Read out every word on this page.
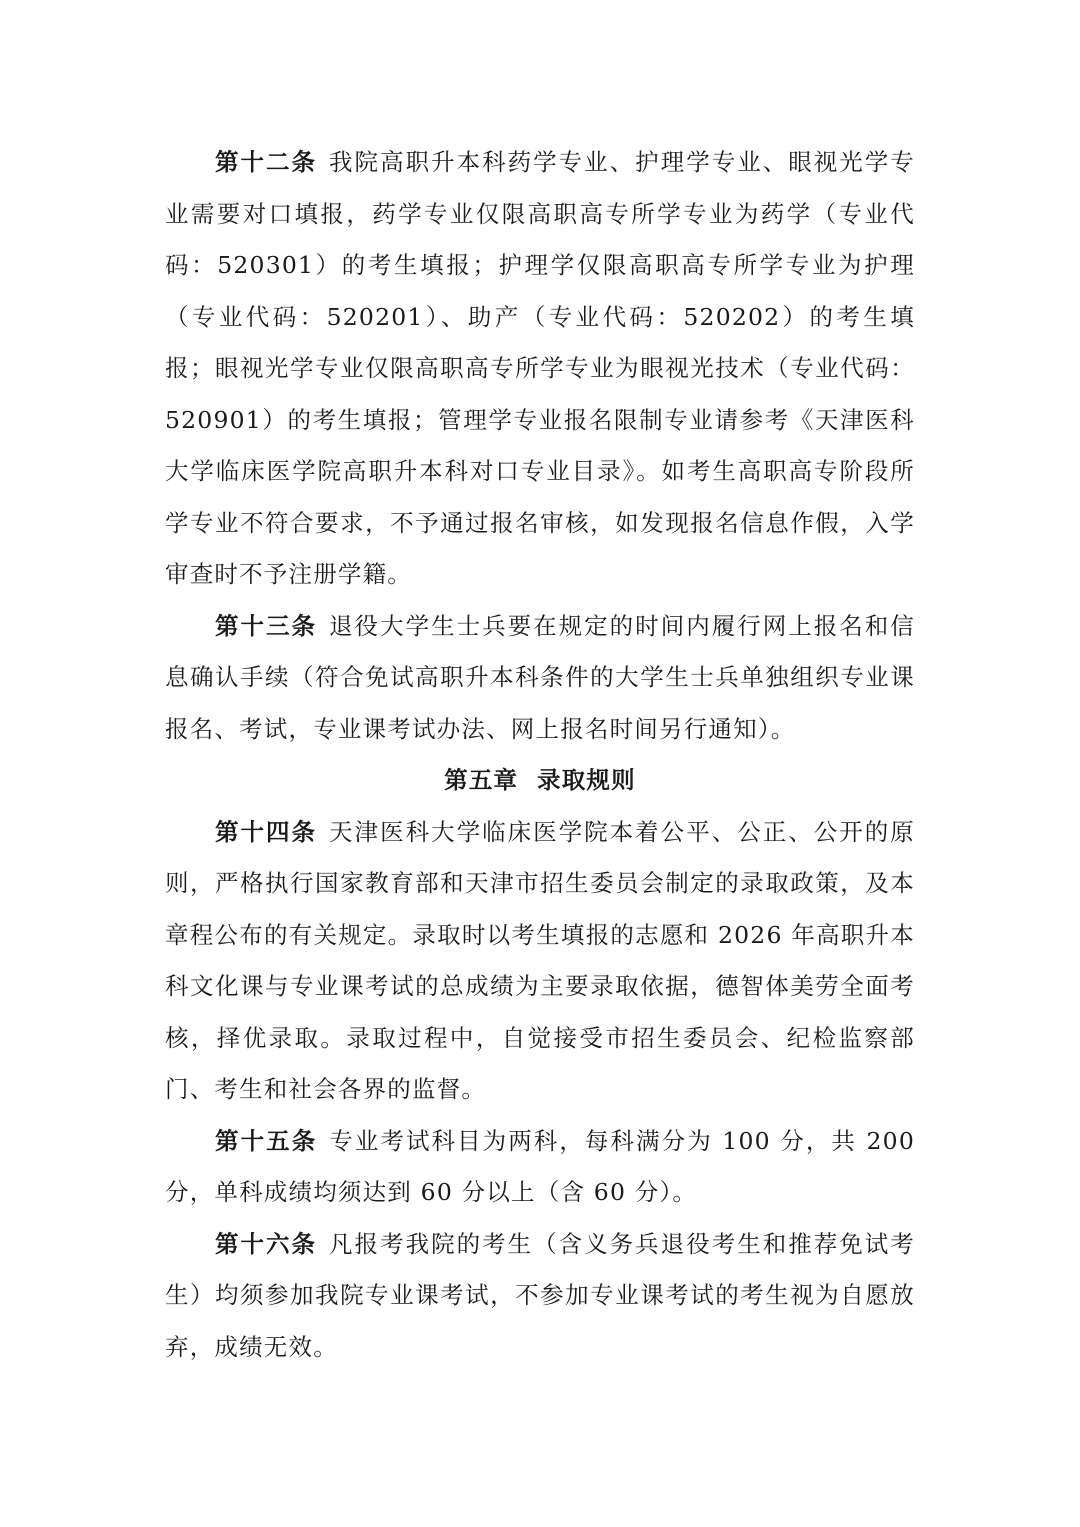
第十二条 我院高职升本科药学专业、护理学专业、眼视光学专业需要对口填报，药学专业仅限高职高专所学专业为药学（专业代码：520301）的考生填报；护理学仅限高职高专所学专业为护理（专业代码：520201）、助产（专业代码：520202）的考生填报；眼视光学专业仅限高职高专所学专业为眼视光技术（专业代码：520901）的考生填报；管理学专业报名限制专业请参考《天津医科大学临床医学院高职升本科对口专业目录》。如考生高职高专阶段所学专业不符合要求，不予通过报名审核，如发现报名信息作假，入学审查时不予注册学籍。

第十三条 退役大学生士兵要在规定的时间内履行网上报名和信息确认手续（符合免试高职升本科条件的大学生士兵单独组织专业课报名、考试，专业课考试办法、网上报名时间另行通知）。

第五章  录取规则

第十四条 天津医科大学临床医学院本着公平、公正、公开的原则，严格执行国家教育部和天津市招生委员会制定的录取政策，及本章程公布的有关规定。录取时以考生填报的志愿和 2026 年高职升本科文化课与专业课考试的总成绩为主要录取依据，德智体美劳全面考核，择优录取。录取过程中，自觉接受市招生委员会、纪检监察部门、考生和社会各界的监督。

第十五条 专业考试科目为两科，每科满分为 100 分，共 200 分，单科成绩均须达到 60 分以上（含 60 分）。

第十六条 凡报考我院的考生（含义务兵退役考生和推荐免试考生）均须参加我院专业课考试，不参加专业课考试的考生视为自愿放弃，成绩无效。
